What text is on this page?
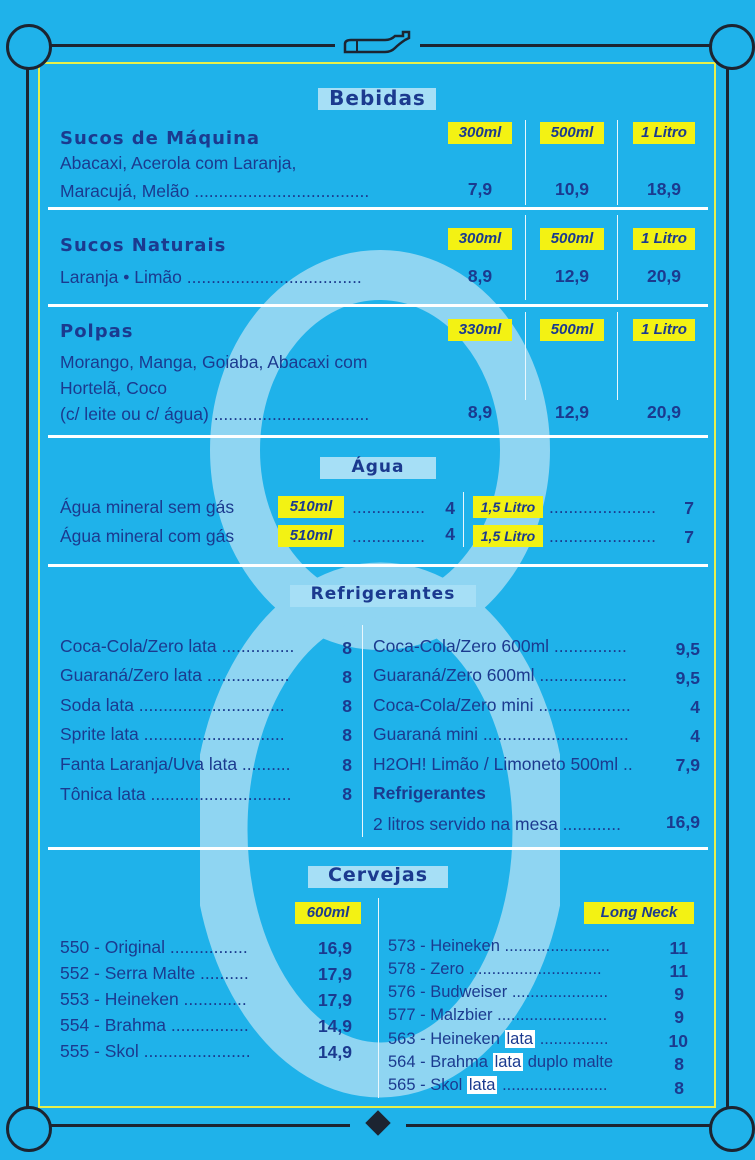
Bebidas
Sucos de Máquina	300ml	500ml	1 Litro
Abacaxi, Acerola com Laranja,
Maracujá, Melão ....................................	7,9	10,9	18,9
Sucos Naturais	300ml	500ml	1 Litro
Laranja • Limão ....................................	8,9	12,9	20,9
Polpas	330ml	500ml	1 Litro
Morango, Manga, Goiaba, Abacaxi com
Hortelã, Coco
(c/ leite ou c/ água) ................................	8,9	12,9	20,9
Água
Água mineral sem gás	510ml	...............	4	1,5 Litro ......................	7
Água mineral com gás	510ml	...............	4	1,5 Litro ......................	7
Refrigerantes
Coca-Cola/Zero lata ...............	8
Guaraná/Zero lata .................	8
Soda lata ..............................	8
Sprite lata .............................	8
Fanta Laranja/Uva lata ..........	8
Tônica lata .............................	8
Coca-Cola/Zero 600ml ...............	9,5
Guaraná/Zero 600ml ..................	9,5
Coca-Cola/Zero mini ...................	4
Guaraná mini ..............................	4
H2OH! Limão / Limoneto 500ml ..	7,9
Refrigerantes
2 litros servido na mesa ............	16,9
Cervejas
600ml	Long Neck
550 - Original ................	16,9
552 - Serra Malte ..........	17,9
553 - Heineken .............	17,9
554 - Brahma ................	14,9
555 - Skol ......................	14,9
573 - Heineken .......................	11
578 - Zero .............................	11
576 - Budweiser .....................	9
577 - Malzbier ........................	9
563 - Heineken lata ...............	10
564 - Brahma lata duplo malte	8
565 - Skol lata .......................	8
